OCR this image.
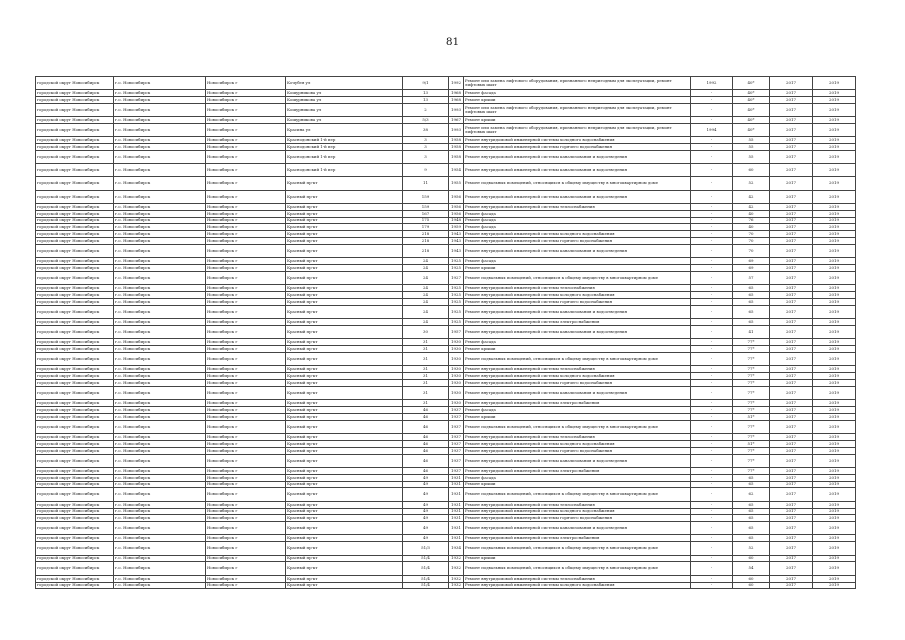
81
городской округ Новосибирск	г.о. Новосибирск	Новосибирск г	Кочубея ул	9/1	1992	Ремонт или замена лифтового оборудования, признанного непригодным для эксплуатации, ремонт лифтовых шахт	1992	40*	2017	2019
городской округ Новосибирск	г.о. Новосибирск	Новосибирск г	Кошурникова ул	13	1968	Ремонт фасада	-	40*	2017	2019
городской округ Новосибирск	г.о. Новосибирск	Новосибирск г	Кошурникова ул	13	1968	Ремонт крыши	-	40*	2017	2019
городской округ Новосибирск	г.о. Новосибирск	Новосибирск г	Кошурникова ул	2	1993	Ремонт или замена лифтового оборудования, признанного непригодным для эксплуатации, ремонт лифтовых шахт	-	40*	2017	2019
городской округ Новосибирск	г.о. Новосибирск	Новосибирск г	Кошурникова ул	5/3	1967	Ремонт крыши	-	40*	2017	2019
городской округ Новосибирск	г.о. Новосибирск	Новосибирск г	Красина ул	38	1993	Ремонт или замена лифтового оборудования, признанного непригодным для эксплуатации, ремонт лифтовых шахт	1994	40*	2017	2019
городской округ Новосибирск	г.о. Новосибирск	Новосибирск г	Краснодонский 1-й пер	3	1958	Ремонт внутридомовой инженерной системы холодного водоснабжения	-	55	2017	2019
городской округ Новосибирск	г.о. Новосибирск	Новосибирск г	Краснодонский 1-й пер	3	1958	Ремонт внутридомовой инженерной системы горячего водоснабжения	-	55	2017	2019
городской округ Новосибирск	г.о. Новосибирск	Новосибирск г	Краснодонский 1-й пер	3	1958	Ремонт внутридомовой инженерной системы канализования и водоотведения	-	55	2017	2019
городской округ Новосибирск	г.о. Новосибирск	Новосибирск г	Краснодонский 1-й пер	9	1954	Ремонт внутридомовой инженерной системы канализования и водоотведения	-	60	2017	2019
городской округ Новосибирск	г.о. Новосибирск	Новосибирск г	Красный пр-кт	11	1955	Ремонт подвальных помещений, относящихся к общему имуществу в многоквартирном доме	-	52	2017	2019
городской округ Новосибирск	г.о. Новосибирск	Новосибирск г	Красный пр-кт	159	1956	Ремонт внутридомовой инженерной системы канализования и водоотведения	-	42	2017	2019
городской округ Новосибирск	г.о. Новосибирск	Новосибирск г	Красный пр-кт	159	1956	Ремонт внутридомовой инженерной системы теплоснабжения	-	42	2017	2019
городской округ Новосибирск	г.о. Новосибирск	Новосибирск г	Красный пр-кт	167	1956	Ремонт фасада	-	40	2017	2019
городской округ Новосибирск	г.о. Новосибирск	Новосибирск г	Красный пр-кт	175	1948	Ремонт фасада	-	76	2017	2019
городской округ Новосибирск	г.о. Новосибирск	Новосибирск г	Красный пр-кт	179	1959	Ремонт фасада	-	40	2017	2019
городской округ Новосибирск	г.о. Новосибирск	Новосибирск г	Красный пр-кт	218	1943	Ремонт внутридомовой инженерной системы холодного водоснабжения	-	70	2017	2019
городской округ Новосибирск	г.о. Новосибирск	Новосибирск г	Красный пр-кт	218	1943	Ремонт внутридомовой инженерной системы горячего водоснабжения	-	70	2017	2019
городской округ Новосибирск	г.о. Новосибирск	Новосибирск г	Красный пр-кт	218	1943	Ремонт внутридомовой инженерной системы канализования и водоотведения	-	70	2017	2019
городской округ Новосибирск	г.о. Новосибирск	Новосибирск г	Красный пр-кт	24	1925	Ремонт фасада	-	69	2017	2019
городской округ Новосибирск	г.о. Новосибирск	Новосибирск г	Красный пр-кт	24	1925	Ремонт крыши	-	69	2017	2019
городской округ Новосибирск	г.о. Новосибирск	Новосибирск г	Красный пр-кт	24	1927	Ремонт подвальных помещений, относящихся к общему имуществу в многоквартирном доме	-	57	2017	2019
городской округ Новосибирск	г.о. Новосибирск	Новосибирск г	Красный пр-кт	24	1925	Ремонт внутридомовой инженерной системы теплоснабжения	-	65	2017	2019
городской округ Новосибирск	г.о. Новосибирск	Новосибирск г	Красный пр-кт	24	1925	Ремонт внутридомовой инженерной системы холодного водоснабжения	-	65	2017	2019
городской округ Новосибирск	г.о. Новосибирск	Новосибирск г	Красный пр-кт	24	1925	Ремонт внутридомовой инженерной системы горячего водоснабжения	-	65	2017	2019
городской округ Новосибирск	г.о. Новосибирск	Новосибирск г	Красный пр-кт	24	1925	Ремонт внутридомовой инженерной системы канализования и водоотведения	-	65	2017	2019
городской округ Новосибирск	г.о. Новосибирск	Новосибирск г	Красный пр-кт	24	1925	Ремонт внутридомовой инженерной системы электроснабжения	-	65	2017	2019
городской округ Новосибирск	г.о. Новосибирск	Новосибирск г	Красный пр-кт	30	1957	Ремонт внутридомовой инженерной системы канализования и водоотведения	-	41	2017	2019
городской округ Новосибирск	г.о. Новосибирск	Новосибирск г	Красный пр-кт	31	1930	Ремонт фасада	-	77*	2017	2019
городской округ Новосибирск	г.о. Новосибирск	Новосибирск г	Красный пр-кт	31	1930	Ремонт крыши	-	77*	2017	2019
городской округ Новосибирск	г.о. Новосибирск	Новосибирск г	Красный пр-кт	31	1930	Ремонт подвальных помещений, относящихся к общему имуществу в многоквартирном доме	-	77*	2017	2019
городской округ Новосибирск	г.о. Новосибирск	Новосибирск г	Красный пр-кт	31	1930	Ремонт внутридомовой инженерной системы теплоснабжения	-	77*	2017	2019
городской округ Новосибирск	г.о. Новосибирск	Новосибирск г	Красный пр-кт	31	1930	Ремонт внутридомовой инженерной системы холодного водоснабжения	-	77*	2017	2019
городской округ Новосибирск	г.о. Новосибирск	Новосибирск г	Красный пр-кт	31	1930	Ремонт внутридомовой инженерной системы горячего водоснабжения	-	77*	2017	2019
городской округ Новосибирск	г.о. Новосибирск	Новосибирск г	Красный пр-кт	31	1930	Ремонт внутридомовой инженерной системы канализования и водоотведения	-	77*	2017	2019
городской округ Новосибирск	г.о. Новосибирск	Новосибирск г	Красный пр-кт	31	1930	Ремонт внутридомовой инженерной системы электроснабжения	-	77*	2017	2019
городской округ Новосибирск	г.о. Новосибирск	Новосибирск г	Красный пр-кт	46	1937	Ремонт фасада	-	77*	2017	2019
городской округ Новосибирск	г.о. Новосибирск	Новосибирск г	Красный пр-кт	46	1937	Ремонт крыши	-	51*	2017	2019
городской округ Новосибирск	г.о. Новосибирск	Новосибирск г	Красный пр-кт	46	1937	Ремонт подвальных помещений, относящихся к общему имуществу в многоквартирном доме	-	77*	2017	2019
городской округ Новосибирск	г.о. Новосибирск	Новосибирск г	Красный пр-кт	46	1937	Ремонт внутридомовой инженерной системы теплоснабжения	-	77*	2017	2019
городской округ Новосибирск	г.о. Новосибирск	Новосибирск г	Красный пр-кт	46	1937	Ремонт внутридомовой инженерной системы холодного водоснабжения	-	51*	2017	2019
городской округ Новосибирск	г.о. Новосибирск	Новосибирск г	Красный пр-кт	46	1937	Ремонт внутридомовой инженерной системы горячего водоснабжения	-	77*	2017	2019
городской округ Новосибирск	г.о. Новосибирск	Новосибирск г	Красный пр-кт	46	1937	Ремонт внутридомовой инженерной системы канализования и водоотведения	-	77*	2017	2019
городской округ Новосибирск	г.о. Новосибирск	Новосибирск г	Красный пр-кт	46	1937	Ремонт внутридомовой инженерной системы электроснабжения	-	77*	2017	2019
городской округ Новосибирск	г.о. Новосибирск	Новосибирск г	Красный пр-кт	49	1931	Ремонт фасада	-	65	2017	2019
городской округ Новосибирск	г.о. Новосибирск	Новосибирск г	Красный пр-кт	49	1931	Ремонт крыши	-	65	2017	2019
городской округ Новосибирск	г.о. Новосибирск	Новосибирск г	Красный пр-кт	49	1931	Ремонт подвальных помещений, относящихся к общему имуществу в многоквартирном доме	-	62	2017	2019
городской округ Новосибирск	г.о. Новосибирск	Новосибирск г	Красный пр-кт	49	1931	Ремонт внутридомовой инженерной системы теплоснабжения	-	65	2017	2019
городской округ Новосибирск	г.о. Новосибирск	Новосибирск г	Красный пр-кт	49	1931	Ремонт внутридомовой инженерной системы холодного водоснабжения	-	65	2017	2019
городской округ Новосибирск	г.о. Новосибирск	Новосибирск г	Красный пр-кт	49	1931	Ремонт внутридомовой инженерной системы горячего водоснабжения	-	65	2017	2019
городской округ Новосибирск	г.о. Новосибирск	Новосибирск г	Красный пр-кт	49	1931	Ремонт внутридомовой инженерной системы канализования и водоотведения	-	65	2017	2019
городской округ Новосибирск	г.о. Новосибирск	Новосибирск г	Красный пр-кт	49	1931	Ремонт внутридомовой инженерной системы электроснабжения	-	65	2017	2019
городской округ Новосибирск	г.о. Новосибирск	Новосибирск г	Красный пр-кт	51/3	1934	Ремонт подвальных помещений, относящихся к общему имуществу в многоквартирном доме	-	52	2017	2019
городской округ Новосибирск	г.о. Новосибирск	Новосибирск г	Красный пр-кт	51/4	1932	Ремонт крыши	-	60	2017	2019
городской округ Новосибирск	г.о. Новосибирск	Новосибирск г	Красный пр-кт	51/4	1932	Ремонт подвальных помещений, относящихся к общему имуществу в многоквартирном доме	-	54	2017	2019
городской округ Новосибирск	г.о. Новосибирск	Новосибирск г	Красный пр-кт	51/4	1932	Ремонт внутридомовой инженерной системы теплоснабжения	-	60	2017	2019
городской округ Новосибирск	г.о. Новосибирск	Новосибирск г	Красный пр-кт	51/4	1932	Ремонт внутридомовой инженерной системы холодного водоснабжения	-	60	2017	2019
